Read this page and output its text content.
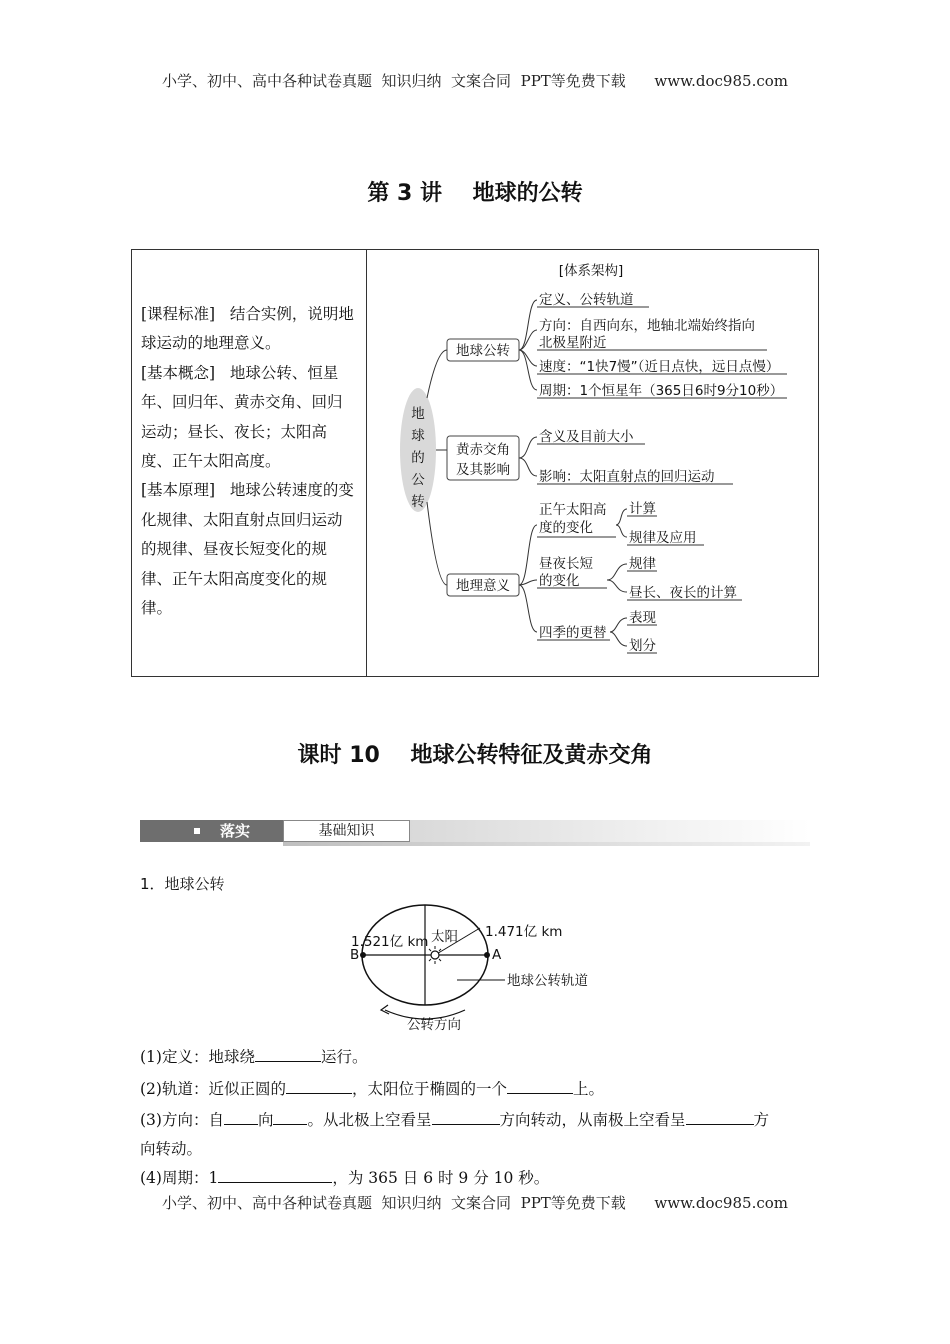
小学、初中、高中各种试卷真题  知识归纳  文案合同  PPT等免费下载      www.doc985.com
第 3 讲    地球的公转

[课程标准] 结合实例，说明地球运动的地理意义。

[基本概念] 地球公转、恒星年、回归年、黄赤交角、回归运动；昼长、夜长；太阳高度、正午太阳高度。

[基本原理] 地球公转速度的变化规律、太阳直射点回归运动的规律、昼夜长短变化的规律、正午太阳高度变化的规律。

[体系架构]
地
球
的
公
转
地球公转
黄赤交角
及其影响
地理意义
定义、公转轨道
方向：自西向东，地轴北端始终指向
北极星附近
速度：“1快7慢”（近日点快，远日点慢）
周期：1个恒星年（365日6时9分10秒）
含义及目前大小
影响：太阳直射点的回归运动
正午太阳高
度的变化
计算
规律及应用
昼夜长短
的变化
规律
昼长、夜长的计算
四季的更替
表现
划分
课时 10    地球公转特征及黄赤交角
落实	基础知识
1．地球公转
1.521亿 km
1.471亿 km
太阳
B	A
地球公转轨道
公转方向
(1)定义：地球绕	运行。
(2)轨道：近似正圆的	，太阳位于椭圆的一个	上。
(3)方向：自 向 。从北极上空看呈	方向转动，从南极上空看呈	方
向转动。
(4)周期：1	，为 365 日 6 时 9 分 10 秒。
小学、初中、高中各种试卷真题  知识归纳  文案合同  PPT等免费下载      www.doc985.com
